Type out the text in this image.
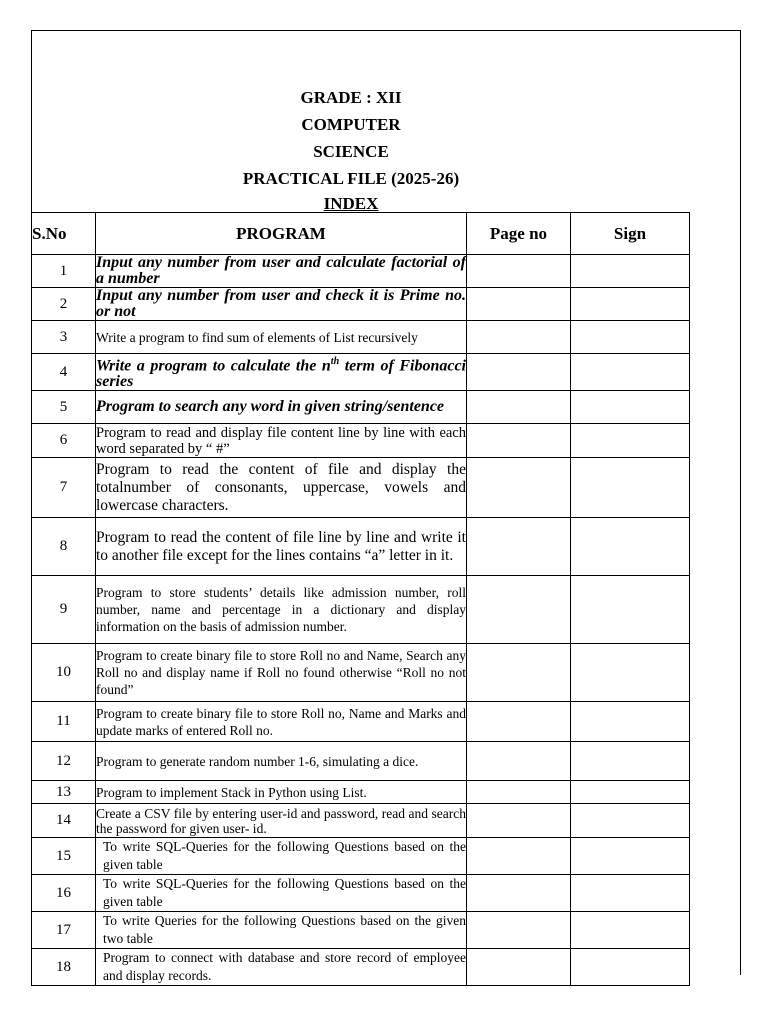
GRADE : XII
COMPUTER
SCIENCE
PRACTICAL FILE (2025-26)
INDEX
S.No	PROGRAM	Page no	Sign
1	Input any number from user and calculate factorial of a number		
2	Input any number from user and check it is Prime no. or not		
3	Write a program to find sum of elements of List recursively		
4	Write a program to calculate the $n^{th}$ term of Fibonacci series		
5	Program to search any word in given string/sentence		
6	Program to read and display file content line by line with each word separated by “ #”		
7	Program to read the content of file and display the totalnumber of consonants, uppercase, vowels and lowercase characters.		
8	Program to read the content of file line by line and write it to another file except for the lines contains “a” letter in it.		
9	Program to store students’ details like admission number, roll number, name and percentage in a dictionary and display information on the basis of admission number.		
10	Program to create binary file to store Roll no and Name, Search any Roll no and display name if Roll no found otherwise “Roll no not found”		
11	Program to create binary file to store Roll no, Name and Marks and update marks of entered Roll no.		
12	Program to generate random number 1-6, simulating a dice.		
13	Program to implement Stack in Python using List.		
14	Create a CSV file by entering user-id and password, read and search the password for given user- id.		
15	To write SQL-Queries for the following Questions based on the given table		
16	To write SQL-Queries for the following Questions based on the given table		
17	To write Queries for the following Questions based on the given two table		
18	Program to connect with database and store record of employee and display records.		
